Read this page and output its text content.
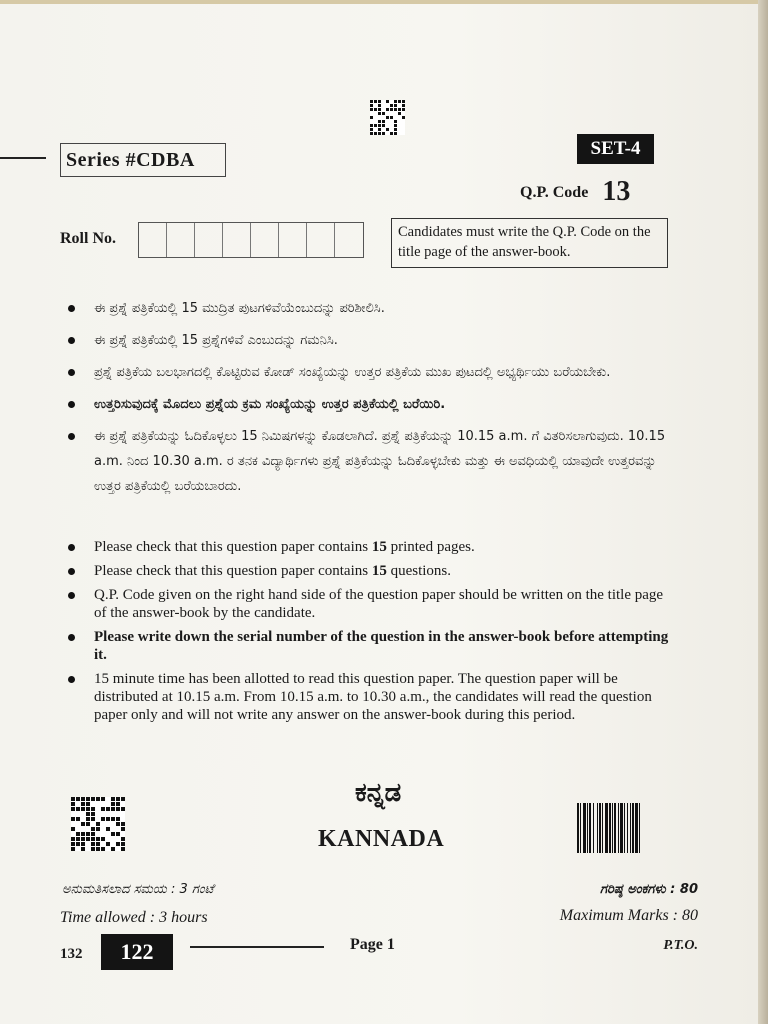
Series #CDBA	SET-4
Q.P. Code 13
Roll No.	Candidates must write the Q.P. Code on the title page of the answer-book.
ಈ ಪ್ರಶ್ನೆ ಪತ್ರಿಕೆಯಲ್ಲಿ 15 ಮುದ್ರಿತ ಪುಟಗಳಿವೆಯೆಂಬುದನ್ನು ಪರಿಶೀಲಿಸಿ.
ಈ ಪ್ರಶ್ನೆ ಪತ್ರಿಕೆಯಲ್ಲಿ 15 ಪ್ರಶ್ನೆಗಳಿವೆ ಎಂಬುದನ್ನು ಗಮನಿಸಿ.
ಪ್ರಶ್ನೆ ಪತ್ರಿಕೆಯ ಬಲಭಾಗದಲ್ಲಿ ಕೊಟ್ಟಿರುವ ಕೋಡ್ ಸಂಖ್ಯೆಯನ್ನು ಉತ್ತರ ಪತ್ರಿಕೆಯ ಮುಖ ಪುಟದಲ್ಲಿ ಅಭ್ಯರ್ಥಿಯು ಬರೆಯಬೇಕು.
ಉತ್ತರಿಸುವುದಕ್ಕೆ ಮೊದಲು ಪ್ರಶ್ನೆಯ ಕ್ರಮ ಸಂಖ್ಯೆಯನ್ನು ಉತ್ತರ ಪತ್ರಿಕೆಯಲ್ಲಿ ಬರೆಯಿರಿ.
ಈ ಪ್ರಶ್ನೆ ಪತ್ರಿಕೆಯನ್ನು ಓದಿಕೊಳ್ಳಲು 15 ನಿಮಿಷಗಳನ್ನು ಕೊಡಲಾಗಿದೆ. ಪ್ರಶ್ನೆ ಪತ್ರಿಕೆಯನ್ನು 10.15 a.m. ಗೆ ವಿತರಿಸಲಾಗುವುದು. 10.15 a.m. ನಿಂದ 10.30 a.m. ರ ತನಕ ವಿದ್ಯಾರ್ಥಿಗಳು ಪ್ರಶ್ನೆ ಪತ್ರಿಕೆಯನ್ನು ಓದಿಕೊಳ್ಳಬೇಕು ಮತ್ತು ಈ ಅವಧಿಯಲ್ಲಿ ಯಾವುದೇ ಉತ್ತರವನ್ನು ಉತ್ತರ ಪತ್ರಿಕೆಯಲ್ಲಿ ಬರೆಯಬಾರದು.
Please check that this question paper contains 15 printed pages.
Please check that this question paper contains 15 questions.
Q.P. Code given on the right hand side of the question paper should be written on the title page of the answer-book by the candidate.
Please write down the serial number of the question in the answer-book before attempting it.
15 minute time has been allotted to read this question paper. The question paper will be distributed at 10.15 a.m. From 10.15 a.m. to 10.30 a.m., the candidates will read the question paper only and will not write any answer on the answer-book during this period.
ಕನ್ನಡ
KANNADA
ಅನುಮತಿಸಲಾದ ಸಮಯ : 3 ಗಂಟೆ
Time allowed : 3 hours
ಗರಿಷ್ಠ ಅಂಕಗಳು : 80
Maximum Marks : 80
132	122	Page 1	P.T.O.
